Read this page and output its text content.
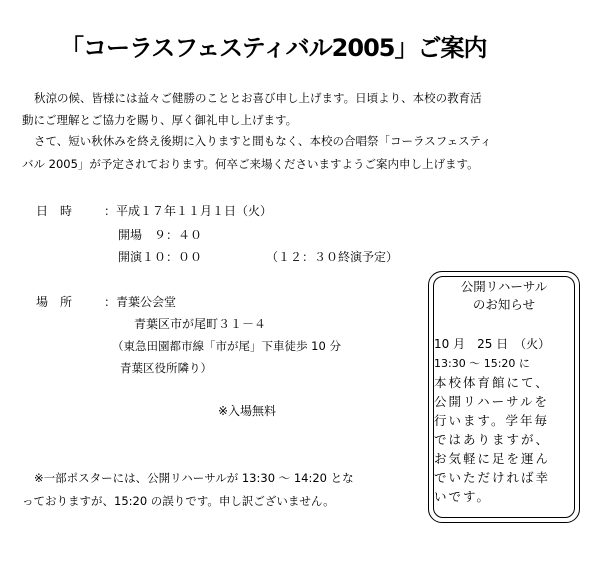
「コーラスフェスティバル2005」ご案内
秋涼の候、皆様には益々ご健勝のこととお喜び申し上げます。日頃より、本校の教育活
動にご理解とご協力を賜り、厚く御礼申し上げます。
さて、短い秋休みを終え後期に入りますと間もなく、本校の合唱祭「コーラスフェスティ
バル 2005」が予定されております。何卒ご来場くださいますようご案内申し上げます。
日　時	：平成１７年１１月１日（火）
開場　９：４０
開演１０：００	（１２：３０終演予定）
場　所	：青葉公会堂
青葉区市が尾町３１－４
（東急田園都市線「市が尾」下車徒歩 10 分
青葉区役所隣り）
※入場無料
公開リハーサル
のお知らせ
10 月　25 日　（火）
13:30 ～ 15:20 に
本校体育館にて、
公開リハーサルを
行います。学年毎
ではありますが、
お気軽に足を運ん
でいただければ幸
いです。
※一部ポスターには、公開リハーサルが 13:30 ～ 14:20 とな
っておりますが、15:20 の誤りです。申し訳ございません。
